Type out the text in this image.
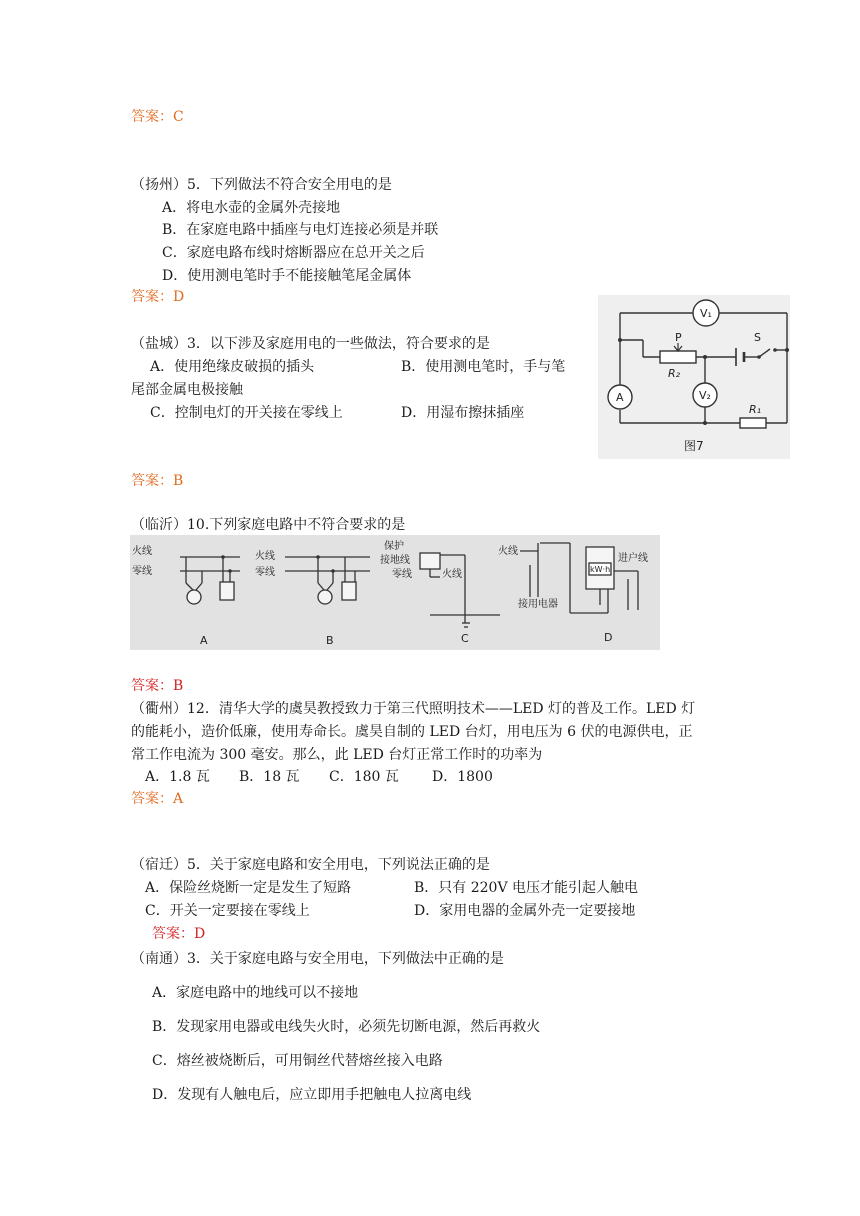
答案：C
（扬州）5．下列做法不符合安全用电的是
A．将电水壶的金属外壳接地
B．在家庭电路中插座与电灯连接必须是并联
C．家庭电路布线时熔断器应在总开关之后
D．使用测电笔时手不能接触笔尾金属体
答案：D
（盐城）3．以下涉及家庭用电的一些做法，符合要求的是
A．使用绝缘皮破损的插头	B．使用测电笔时，手与笔
尾部金属电极接触
C．控制电灯的开关接在零线上	D．用湿布擦抹插座
V₁
V₂
A
P	S
R₂
R₁
图7
答案：B
（临沂）10.下列家庭电路中不符合要求的是
火线
零线
火线
零线
保护
接地线
零线	火线
火线
接用电器
kW·h
进户线
A	B	C	D
答案：B
（衢州）12．清华大学的虞昊教授致力于第三代照明技术——LED 灯的普及工作。LED 灯
的能耗小，造价低廉，使用寿命长。虞昊自制的 LED 台灯，用电压为 6 伏的电源供电，正
常工作电流为 300 毫安。那么，此 LED 台灯正常工作时的功率为
A．1.8 瓦 B．18 瓦 C．180 瓦 D．1800
答案：A
（宿迁）5．关于家庭电路和安全用电，下列说法正确的是
A．保险丝烧断一定是发生了短路	B．只有 220V 电压才能引起人触电
C．开关一定要接在零线上	D．家用电器的金属外壳一定要接地
答案：D
（南通）3．关于家庭电路与安全用电，下列做法中正确的是
A．家庭电路中的地线可以不接地
B．发现家用电器或电线失火时，必须先切断电源，然后再救火
C．熔丝被烧断后，可用铜丝代替熔丝接入电路
D．发现有人触电后，应立即用手把触电人拉离电线
